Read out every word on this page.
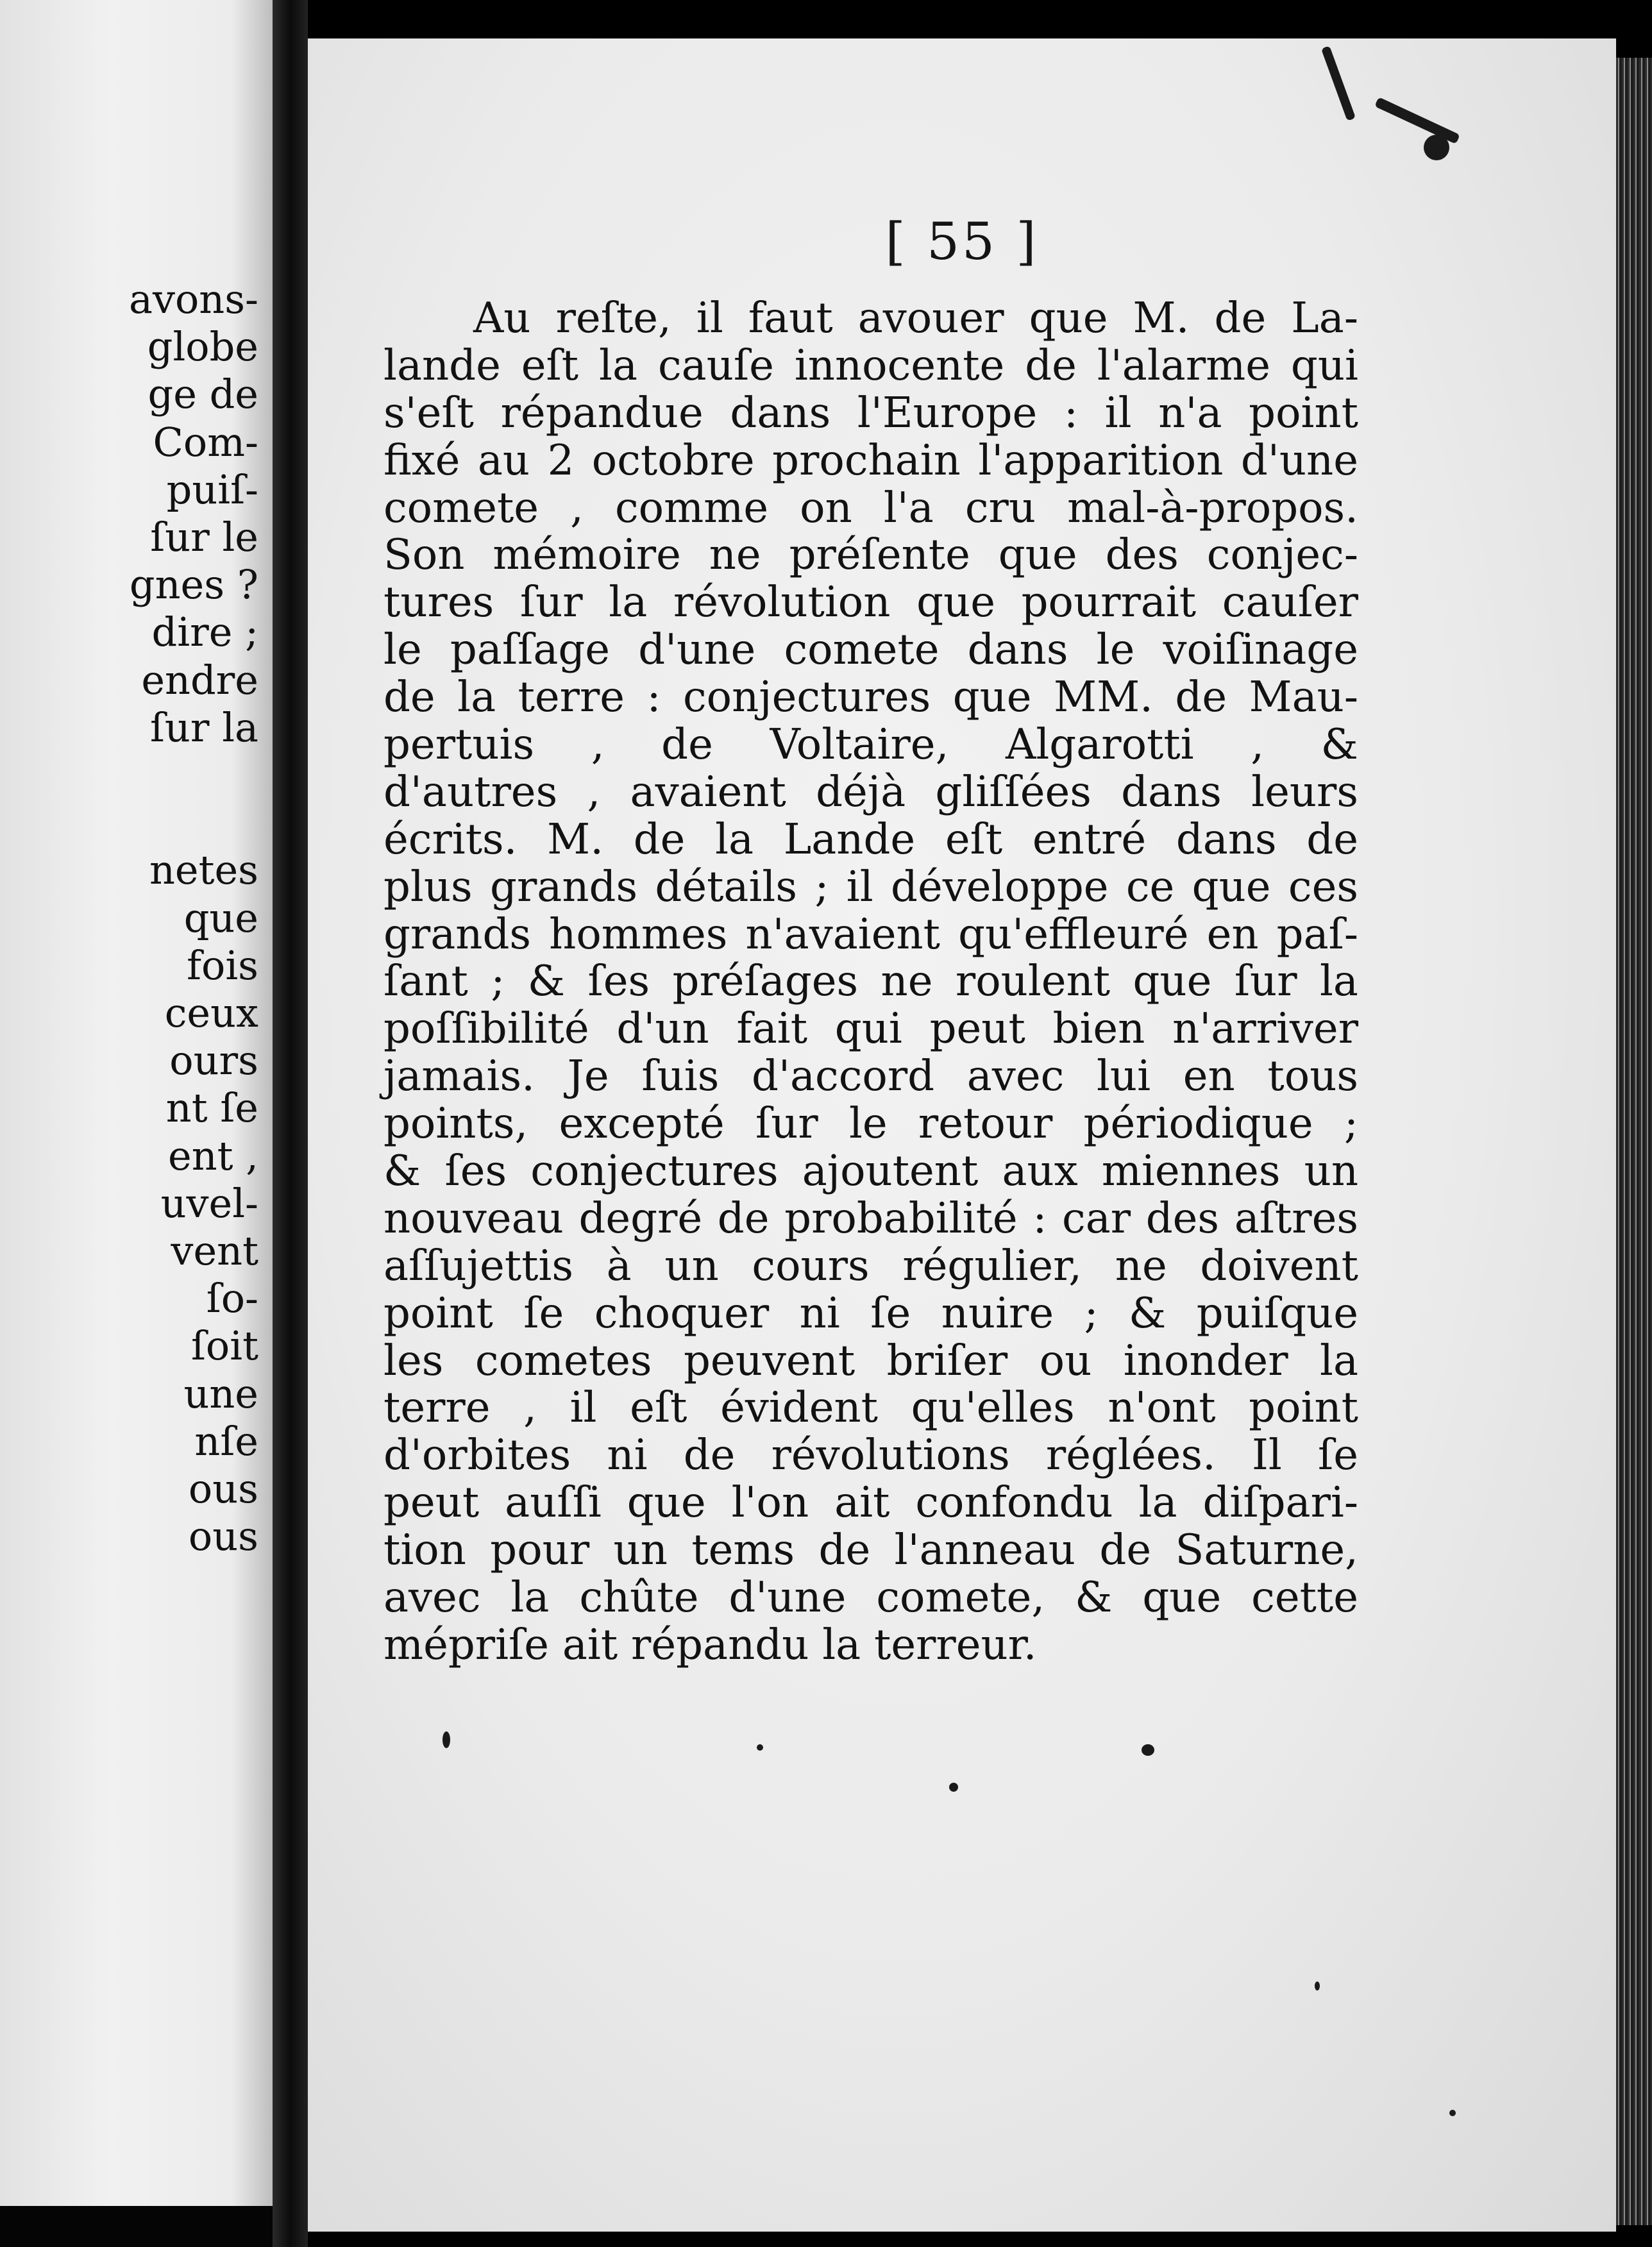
avons-
globe
ge de
Com-
puiſ-
ſur le
gnes ?
dire ;
endre
ſur la
netes
que
fois
ceux
ours
nt ſe
ent ,
uvel-
vent
ſo-
ſoit
une
nſe
ous
ous
[ 55 ]
Au reſte, il faut avouer que M. de La-
lande eſt la cauſe innocente de l'alarme qui
s'eſt répandue dans l'Europe : il n'a point
fixé au 2 octobre prochain l'apparition d'une
comete , comme on l'a cru mal-à-propos.
Son mémoire ne préſente que des conjec-
tures ſur la révolution que pourrait cauſer
le paſſage d'une comete dans le voiſinage
de la terre : conjectures que MM. de Mau-
pertuis , de Voltaire, Algarotti , &
d'autres , avaient déjà gliſſées dans leurs
écrits. M. de la Lande eſt entré dans de
plus grands détails ; il développe ce que ces
grands hommes n'avaient qu'effleuré en paſ-
ſant ; & ſes préſages ne roulent que ſur la
poſſibilité d'un fait qui peut bien n'arriver
jamais. Je ſuis d'accord avec lui en tous
points, excepté ſur le retour périodique ;
& ſes conjectures ajoutent aux miennes un
nouveau degré de probabilité : car des aſtres
aſſujettis à un cours régulier, ne doivent
point ſe choquer ni ſe nuire ; & puiſque
les cometes peuvent briſer ou inonder la
terre , il eſt évident qu'elles n'ont point
d'orbites ni de révolutions réglées. Il ſe
peut auſſi que l'on ait confondu la diſpari-
tion pour un tems de l'anneau de Saturne,
avec la chûte d'une comete, & que cette
mépriſe ait répandu la terreur.
